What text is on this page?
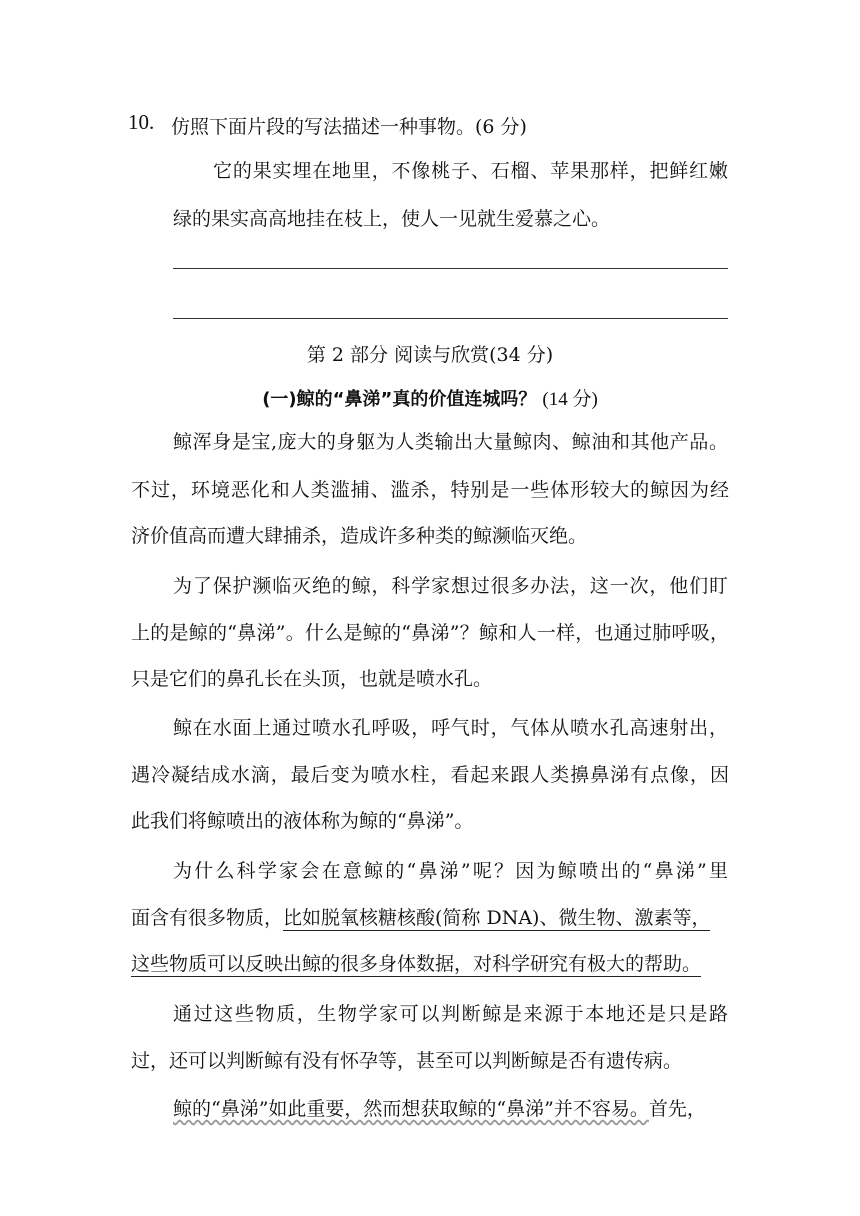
10. 仿照下面片段的写法描述一种事物。(6 分)
它的果实埋在地里，不像桃子、石榴、苹果那样，把鲜红嫩
绿的果实高高地挂在枝上，使人一见就生爱慕之心。
第 2 部分 阅读与欣赏(34 分)
(一)鲸的“鼻涕”真的价值连城吗？ (14 分)
鲸浑身是宝,庞大的身躯为人类输出大量鲸肉、鲸油和其他产品。
不过，环境恶化和人类滥捕、滥杀，特别是一些体形较大的鲸因为经
济价值高而遭大肆捕杀，造成许多种类的鲸濒临灭绝。
为了保护濒临灭绝的鲸，科学家想过很多办法，这一次，他们盯
上的是鲸的“鼻涕”。什么是鲸的“鼻涕”？鲸和人一样，也通过肺呼吸，
只是它们的鼻孔长在头顶，也就是喷水孔。
鲸在水面上通过喷水孔呼吸，呼气时，气体从喷水孔高速射出，
遇冷凝结成水滴，最后变为喷水柱，看起来跟人类擤鼻涕有点像，因
此我们将鲸喷出的液体称为鲸的“鼻涕”。
为什么科学家会在意鲸的“鼻涕”呢？因为鲸喷出的“鼻涕”里
面含有很多物质，比如脱氧核糖核酸(简称 DNA)、微生物、激素等，
这些物质可以反映出鲸的很多身体数据，对科学研究有极大的帮助。
通过这些物质，生物学家可以判断鲸是来源于本地还是只是路
过，还可以判断鲸有没有怀孕等，甚至可以判断鲸是否有遗传病。
鲸的“鼻涕”如此重要，然而想获取鲸的“鼻涕”并不容易。首先，
